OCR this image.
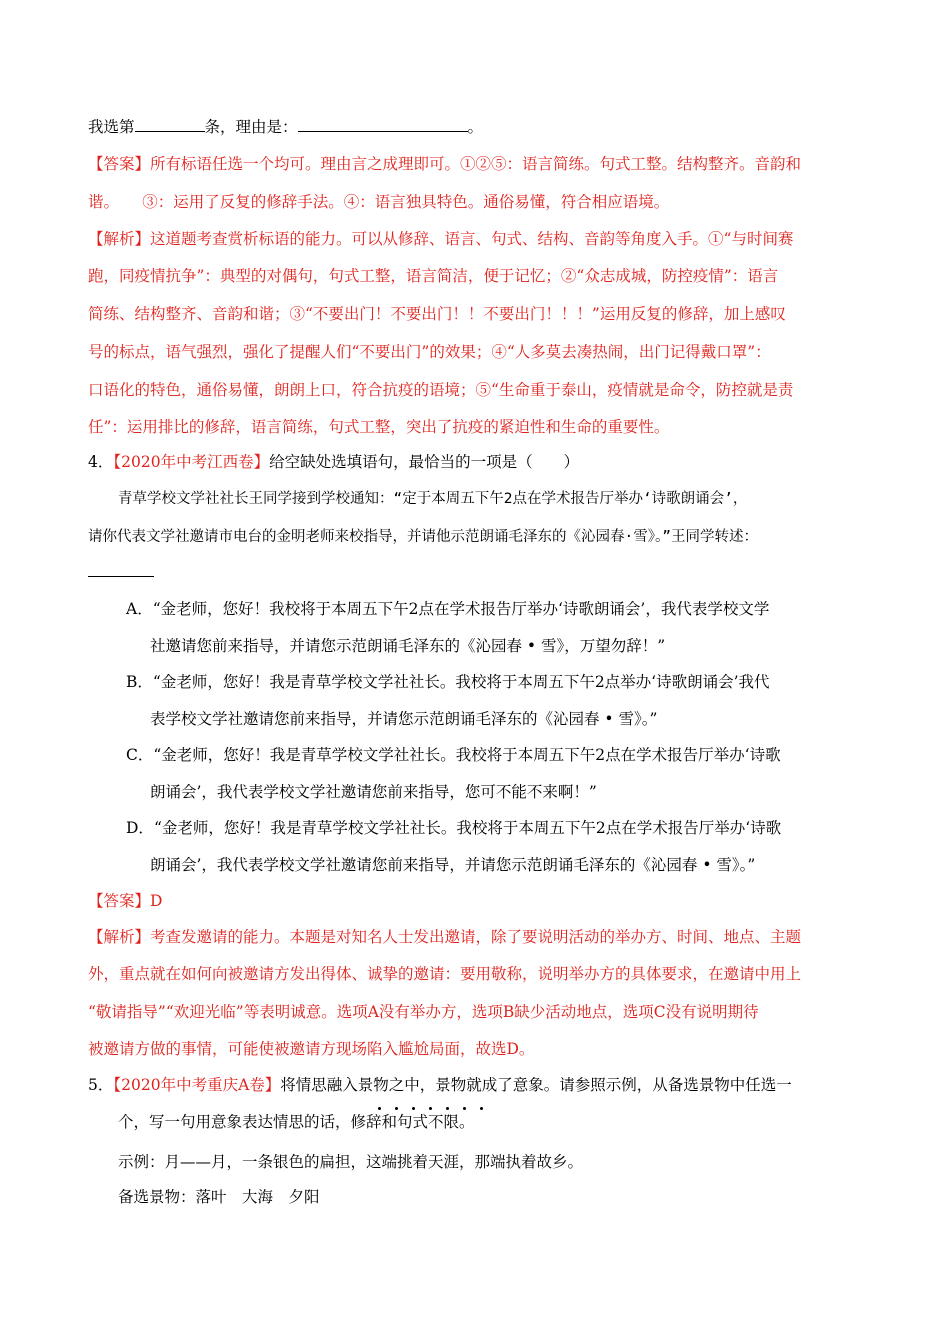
我选第	条，理由是：	。
【答案】所有标语任选一个均可。理由言之成理即可。①②⑤：语言简练。句式工整。结构整齐。音韵和
谐。　　③：运用了反复的修辞手法。④：语言独具特色。通俗易懂，符合相应语境。
【解析】这道题考查赏析标语的能力。可以从修辞、语言、句式、结构、音韵等角度入手。①“与时间赛
跑，同疫情抗争”：典型的对偶句，句式工整，语言简洁，便于记忆；②“众志成城，防控疫情”：语言
简练、结构整齐、音韵和谐；③“不要出门！不要出门！！不要出门！！！”运用反复的修辞，加上感叹
号的标点，语气强烈，强化了提醒人们“不要出门”的效果；④“人多莫去凑热闹，出门记得戴口罩”：
口语化的特色，通俗易懂，朗朗上口，符合抗疫的语境；⑤“生命重于泰山，疫情就是命令，防控就是责
任”：运用排比的修辞，语言简练，句式工整，突出了抗疫的紧迫性和生命的重要性。
4．【2020年中考江西卷】给空缺处选填语句，最恰当的一项是（　　）
青草学校文学社社长王同学接到学校通知：“定于本周五下午2点在学术报告厅举办‘诗歌朗诵会’，
请你代表文学社邀请市电台的金明老师来校指导，并请他示范朗诵毛泽东的《沁园春·雪》。”王同学转述：
A．“金老师，您好！我校将于本周五下午2点在学术报告厅举办‘诗歌朗诵会’，我代表学校文学
社邀请您前来指导，并请您示范朗诵毛泽东的《沁园春 • 雪》，万望勿辞！”
B．“金老师，您好！我是青草学校文学社社长。我校将于本周五下午2点举办‘诗歌朗诵会’我代
表学校文学社邀请您前来指导，并请您示范朗诵毛泽东的《沁园春 • 雪》。”
C．“金老师，您好！我是青草学校文学社社长。我校将于本周五下午2点在学术报告厅举办‘诗歌
朗诵会’，我代表学校文学社邀请您前来指导，您可不能不来啊！”
D．“金老师，您好！我是青草学校文学社社长。我校将于本周五下午2点在学术报告厅举办‘诗歌
朗诵会’，我代表学校文学社邀请您前来指导，并请您示范朗诵毛泽东的《沁园春 • 雪》。”
【答案】D
【解析】考查发邀请的能力。本题是对知名人士发出邀请，除了要说明活动的举办方、时间、地点、主题
外，重点就在如何向被邀请方发出得体、诚挚的邀请：要用敬称，说明举办方的具体要求，在邀请中用上
“敬请指导”“欢迎光临”等表明诚意。选项A没有举办方，选项B缺少活动地点，选项C没有说明期待
被邀请方做的事情，可能使被邀请方现场陷入尴尬局面，故选D。
5．【2020年中考重庆A卷】将情思融入景物之中，景物就成了意象。请参照示例，从备选景物中任选一
个，写一句用意象表达情思的话，修辞和句式不限。
示例：月——月，一条银色的扁担，这端挑着天涯，那端执着故乡。
备选景物：落叶　大海　夕阳
